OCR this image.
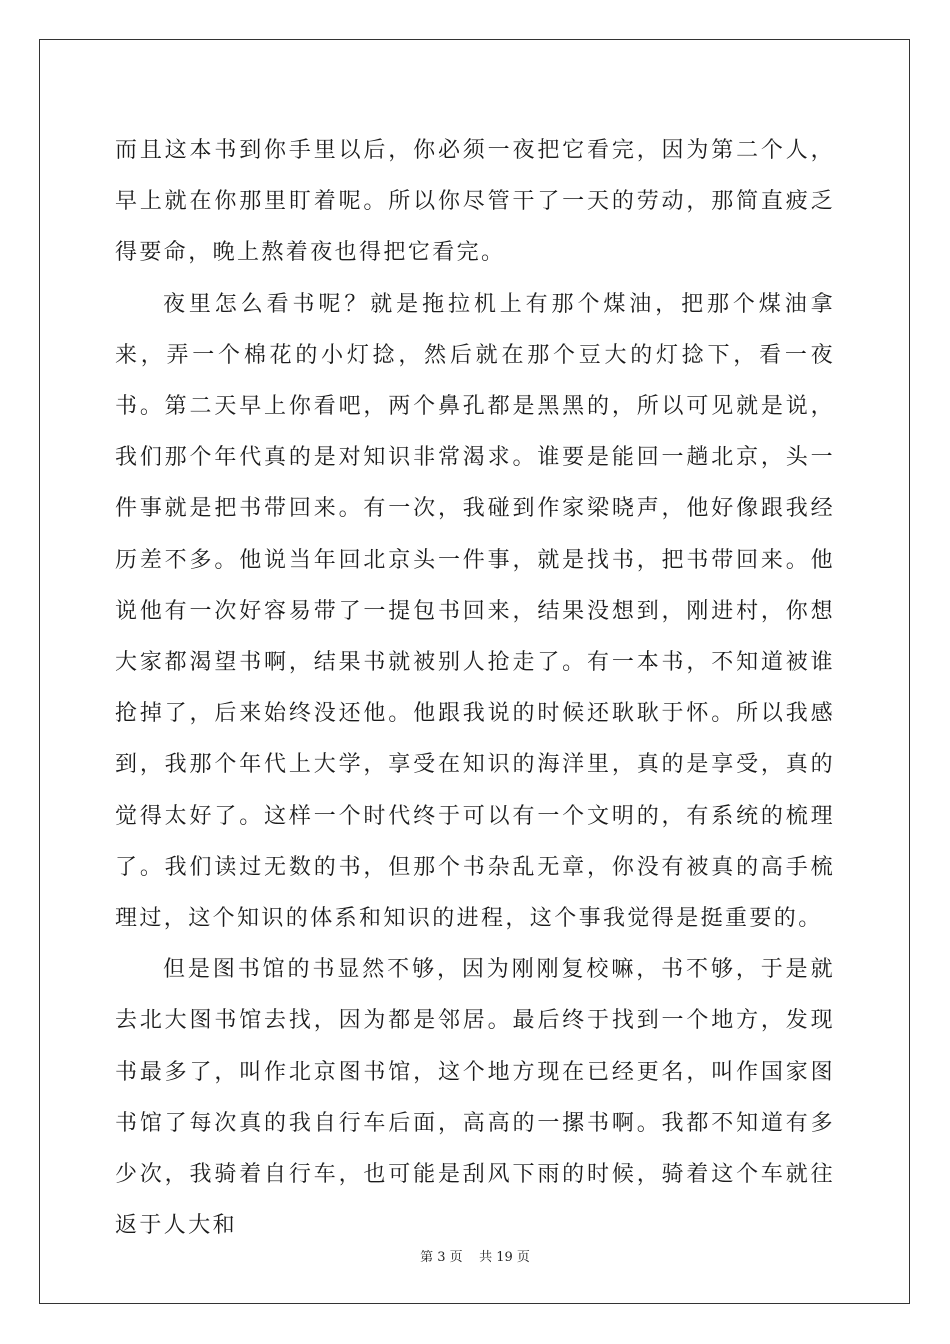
而且这本书到你手里以后，你必须一夜把它看完，因为第二个人，早上就在你那里盯着呢。所以你尽管干了一天的劳动，那简直疲乏得要命，晚上熬着夜也得把它看完。

夜里怎么看书呢？就是拖拉机上有那个煤油，把那个煤油拿来，弄一个棉花的小灯捻，然后就在那个豆大的灯捻下，看一夜书。第二天早上你看吧，两个鼻孔都是黑黑的，所以可见就是说，我们那个年代真的是对知识非常渴求。谁要是能回一趟北京，头一件事就是把书带回来。有一次，我碰到作家梁晓声，他好像跟我经历差不多。他说当年回北京头一件事，就是找书，把书带回来。他说他有一次好容易带了一提包书回来，结果没想到，刚进村，你想大家都渴望书啊，结果书就被别人抢走了。有一本书，不知道被谁抢掉了，后来始终没还他。他跟我说的时候还耿耿于怀。所以我感到，我那个年代上大学，享受在知识的海洋里，真的是享受，真的觉得太好了。这样一个时代终于可以有一个文明的，有系统的梳理了。我们读过无数的书，但那个书杂乱无章，你没有被真的高手梳理过，这个知识的体系和知识的进程，这个事我觉得是挺重要的。

但是图书馆的书显然不够，因为刚刚复校嘛，书不够，于是就去北大图书馆去找，因为都是邻居。最后终于找到一个地方，发现书最多了，叫作北京图书馆，这个地方现在已经更名，叫作国家图书馆了每次真的我自行车后面，高高的一摞书啊。我都不知道有多少次，我骑着自行车，也可能是刮风下雨的时候，骑着这个车就往返于人大和

第 3 页    共 19 页
